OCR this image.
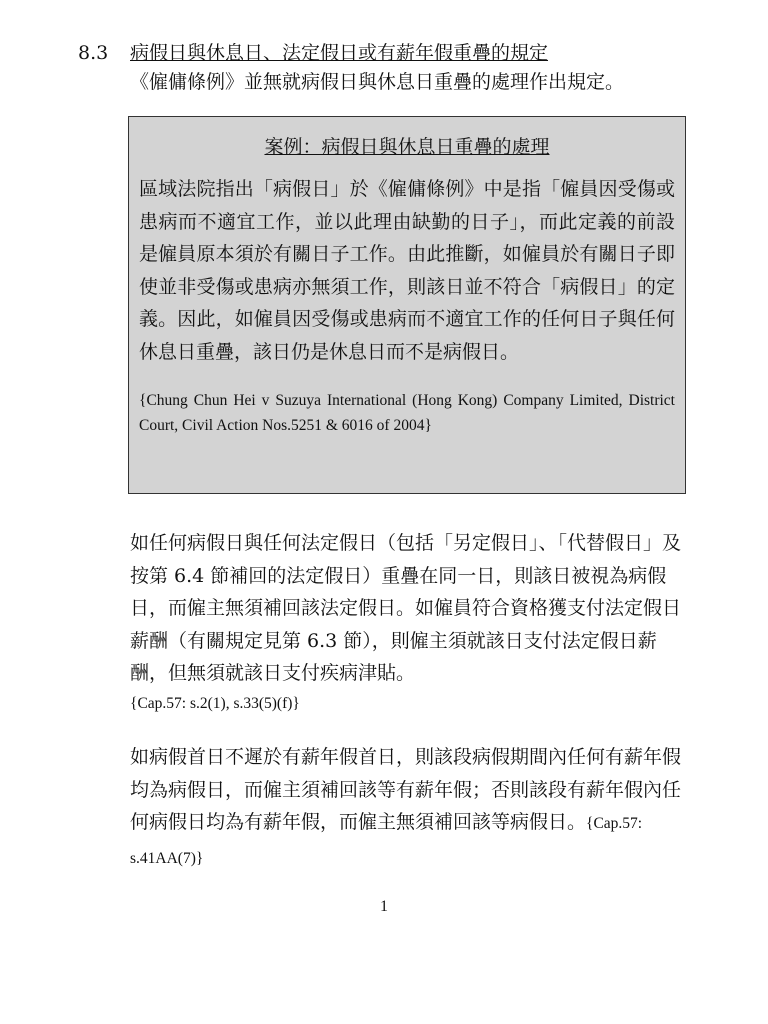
8.3 病假日與休息日、法定假日或有薪年假重疊的規定
《僱傭條例》並無就病假日與休息日重疊的處理作出規定。

案例：病假日與休息日重疊的處理

區域法院指出「病假日」於《僱傭條例》中是指「僱員因受傷或患病而不適宜工作，並以此理由缺勤的日子」，而此定義的前設是僱員原本須於有關日子工作。由此推斷，如僱員於有關日子即使並非受傷或患病亦無須工作，則該日並不符合「病假日」的定義。因此，如僱員因受傷或患病而不適宜工作的任何日子與任何休息日重疊，該日仍是休息日而不是病假日。

{Chung Chun Hei v Suzuya International (Hong Kong) Company Limited, District Court, Civil Action Nos.5251 & 6016 of 2004}

如任何病假日與任何法定假日（包括「另定假日」、「代替假日」及按第 6.4 節補回的法定假日）重疊在同一日，則該日被視為病假日，而僱主無須補回該法定假日。如僱員符合資格獲支付法定假日薪酬（有關規定見第 6.3 節），則僱主須就該日支付法定假日薪酬，但無須就該日支付疾病津貼。
{Cap.57: s.2(1), s.33(5)(f)}
如病假首日不遲於有薪年假首日，則該段病假期間內任何有薪年假均為病假日，而僱主須補回該等有薪年假；否則該段有薪年假內任何病假日均為有薪年假，而僱主無須補回該等病假日。{Cap.57: s.41AA(7)}
1
